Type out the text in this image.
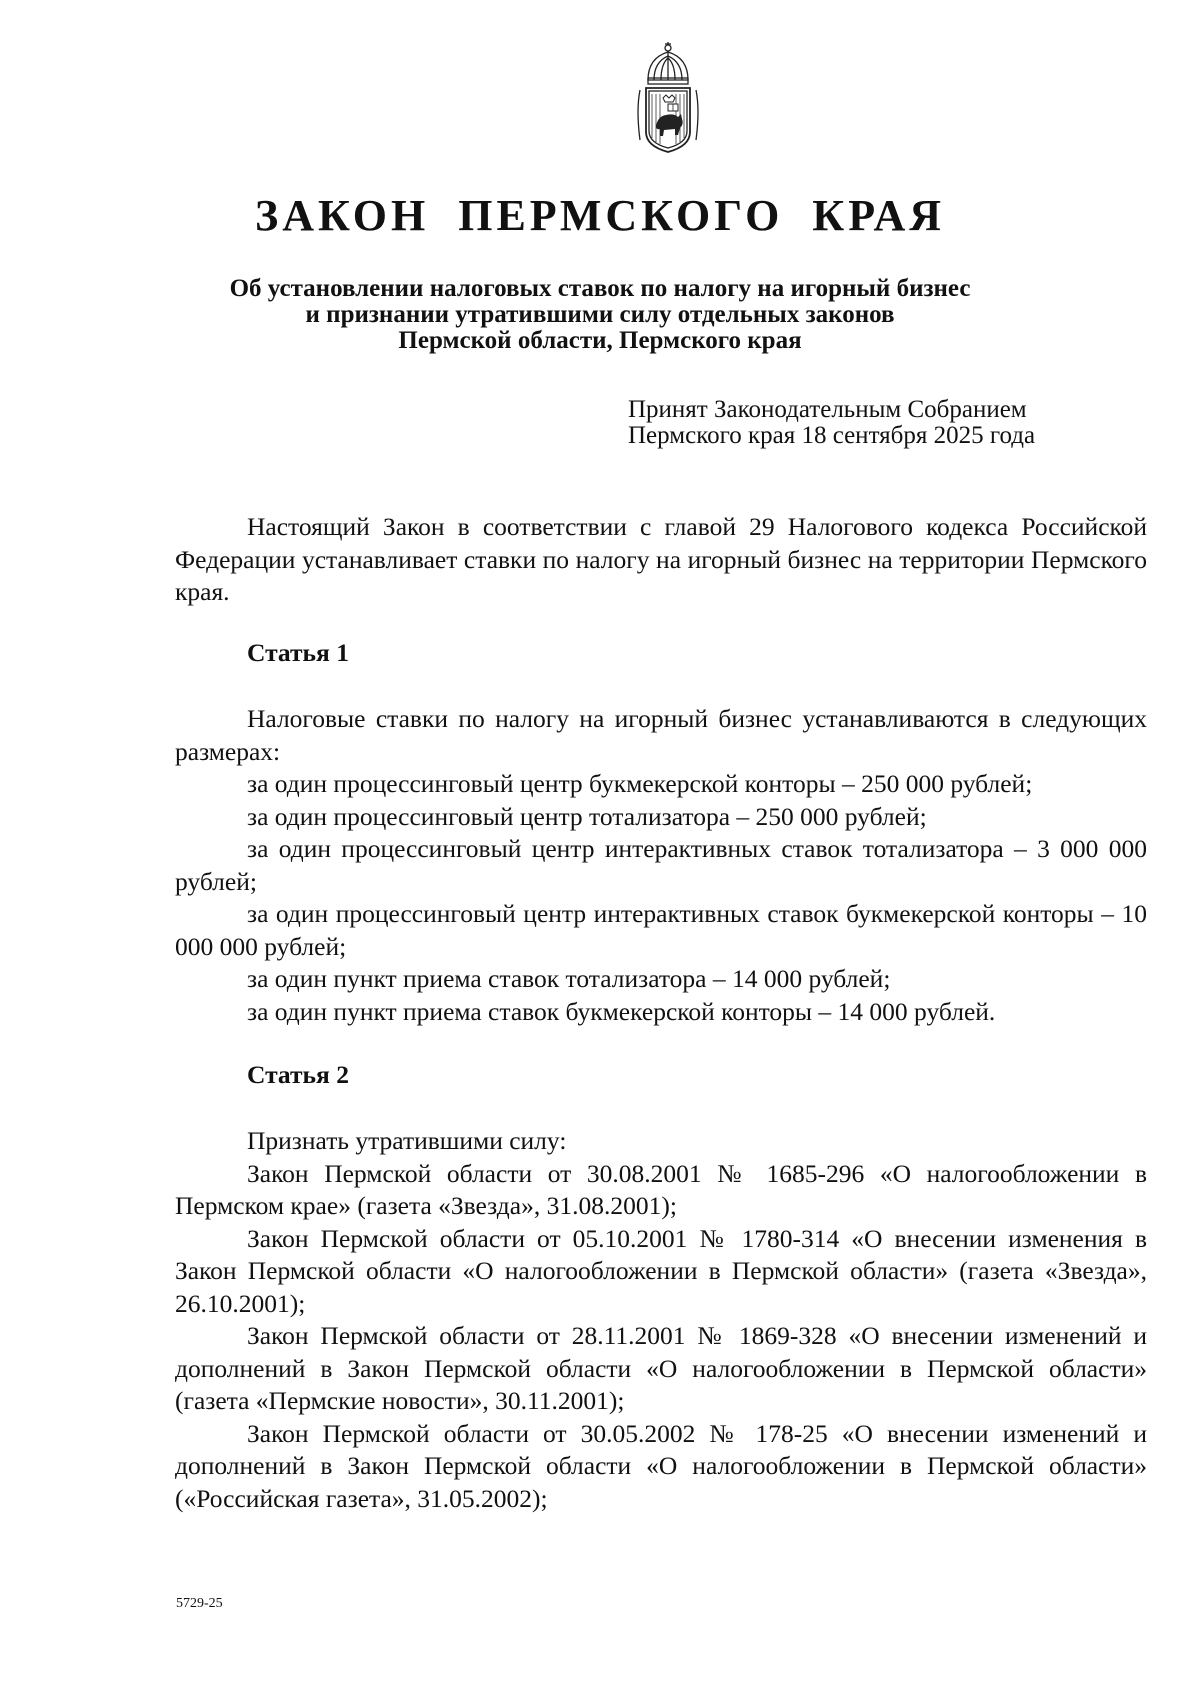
ЗАКОН ПЕРМСКОГО КРАЯ
Об установлении налоговых ставок по налогу на игорный бизнес
и признании утратившими силу отдельных законов
Пермской области, Пермского края
Принят Законодательным Собранием
Пермского края 18 сентября 2025 года

Настоящий Закон в соответствии с главой 29 Налогового кодекса Российской Федерации устанавливает ставки по налогу на игорный бизнес на территории Пермского края.

Статья 1

Налоговые ставки по налогу на игорный бизнес устанавливаются в следующих размерах:

за один процессинговый центр букмекерской конторы – 250 000 рублей;

за один процессинговый центр тотализатора – 250 000 рублей;

за один процессинговый центр интерактивных ставок тотализатора – 3 000 000 рублей;

за один процессинговый центр интерактивных ставок букмекерской конторы – 10 000 000 рублей;

за один пункт приема ставок тотализатора – 14 000 рублей;

за один пункт приема ставок букмекерской конторы – 14 000 рублей.

Статья 2

Признать утратившими силу:

Закон Пермской области от 30.08.2001 № 1685-296 «О налогообложении в Пермском крае» (газета «Звезда», 31.08.2001);

Закон Пермской области от 05.10.2001 № 1780-314 «О внесении изменения в Закон Пермской области «О налогообложении в Пермской области» (газета «Звезда», 26.10.2001);

Закон Пермской области от 28.11.2001 № 1869-328 «О внесении изменений и дополнений в Закон Пермской области «О налогообложении в Пермской области» (газета «Пермские новости», 30.11.2001);

Закон Пермской области от 30.05.2002 № 178-25 «О внесении изменений и дополнений в Закон Пермской области «О налогообложении в Пермской области» («Российская газета», 31.05.2002);

5729-25
